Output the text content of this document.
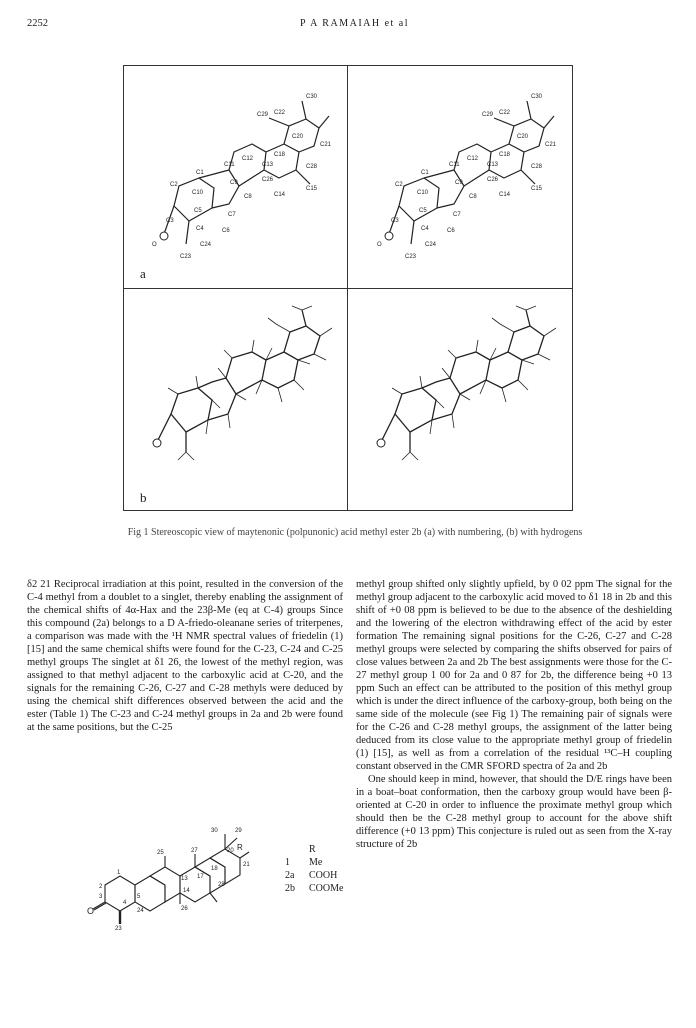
2252	P A RAMAIAH et al
C30
C29 C22
C21
C20
C18
C28
C12
C11	C13
C26
C15
C14
C1
C9
C8
C2
C10
C5
C7
C3
C4
C24
C6
O
C23
C30
C29 C22
C21
C20
C18
C28
C12
C11	C13
C26
C15
C14
C1
C9
C8
C2
C10
C5
C7
C3
C4
C24
C6
O
C23
a
b
Fig 1 Stereoscopic view of maytenonic (polpunonic) acid methyl ester 2b (a) with numbering, (b) with hydrogens

δ2 21 Reciprocal irradiation at this point, resulted in the conversion of the C-4 methyl from a doublet to a singlet, thereby enabling the assignment of the chemical shifts of 4α-Hax and the 23β-Me (eq at C-4) groups Since this compound (2a) belongs to a D A-friedo-oleanane series of triterpenes, a comparison was made with the ¹H NMR spectral values of friedelin (1) [15] and the same chemical shifts were found for the C-23, C-24 and C-25 methyl groups The singlet at δ1 26, the lowest of the methyl region, was assigned to that methyl adjacent to the carboxylic acid at C-20, and the signals for the remaining C-26, C-27 and C-28 methyls were deduced by using the chemical shift differences observed between the acid and the ester (Table 1) The C-23 and C-24 methyl groups in 2a and 2b were found at the same positions, but the C-25

methyl group shifted only slightly upfield, by 0 02 ppm The signal for the methyl group adjacent to the carboxylic acid moved to δ1 18 in 2b and this shift of +0 08 ppm is believed to be due to the absence of the deshielding and the lowering of the electron withdrawing effect of the acid by ester formation The remaining signal positions for the C-26, C-27 and C-28 methyl groups were selected by comparing the shifts observed for pairs of close values between 2a and 2b The best assignments were those for the C-27 methyl group 1 00 for 2a and 0 87 for 2b, the difference being +0 13 ppm Such an effect can be attributed to the position of this methyl group which is under the direct influence of the carboxy-group, both being on the same side of the molecule (see Fig 1) The remaining pair of signals were for the C-26 and C-28 methyl groups, the assignment of the latter being deduced from its close value to the appropriate methyl group of friedelin (1) [15], as well as from a correlation of the residual ¹³C–H coupling constant observed in the CMR SFORD spectra of 2a and 2b

One should keep in mind, however, that should the D/E rings have been in a boat–boat conformation, then the carboxy group would have been β-oriented at C-20 in order to influence the proximate methyl group which should then be the C-28 methyl group to account for the above shift difference (+0 13 ppm) This conjecture is ruled out as seen from the X-ray structure of 2b

30	29
20
21
27
18
17
28
25
13
14
26
1
2
3
4
5
24
23
O
R	R
1	Me
2a	COOH
2b	COOMe
